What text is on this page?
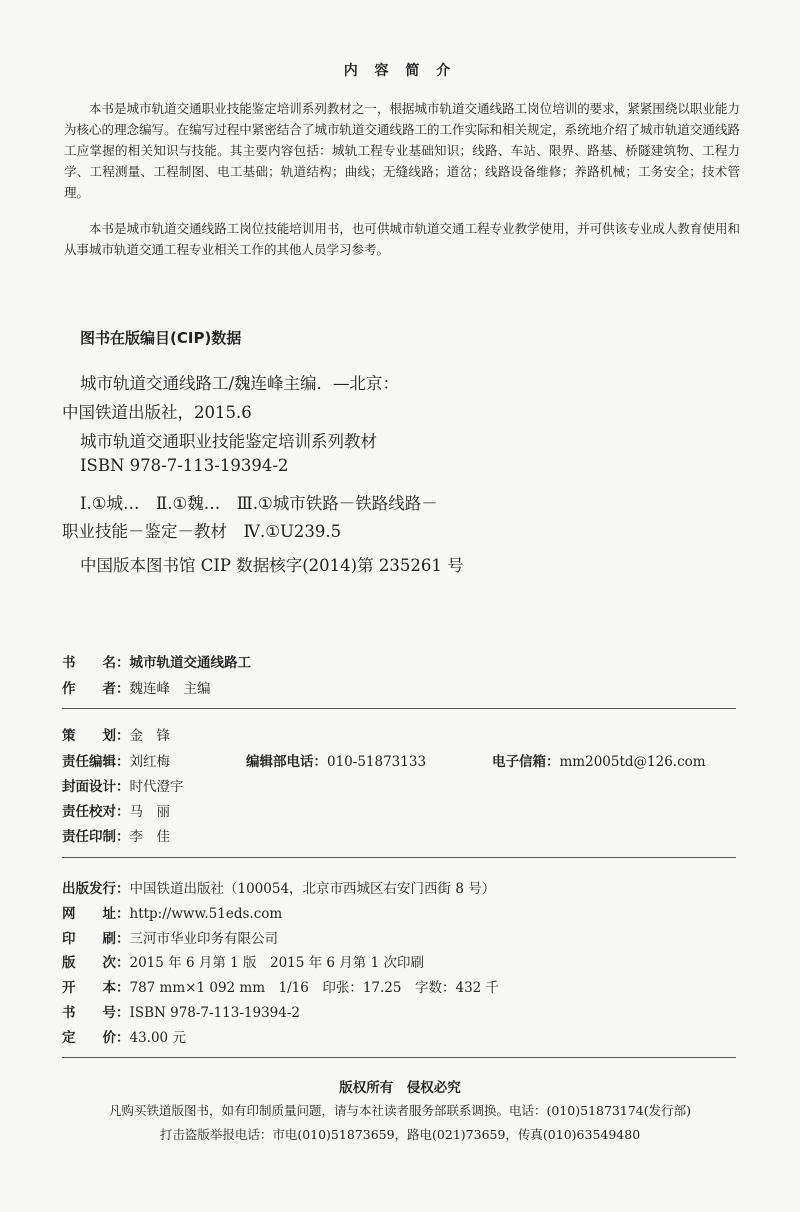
内 容 简 介
本书是城市轨道交通职业技能鉴定培训系列教材之一，根据城市轨道交通线路工岗位培训的要求，紧紧围绕以职业能力为核心的理念编写。在编写过程中紧密结合了城市轨道交通线路工的工作实际和相关规定，系统地介绍了城市轨道交通线路工应掌握的相关知识与技能。其主要内容包括：城轨工程专业基础知识；线路、车站、限界、路基、桥隧建筑物、工程力学、工程测量、工程制图、电工基础；轨道结构；曲线；无缝线路；道岔；线路设备维修；养路机械；工务安全；技术管理。
本书是城市轨道交通线路工岗位技能培训用书，也可供城市轨道交通工程专业教学使用，并可供该专业成人教育使用和从事城市轨道交通工程专业相关工作的其他人员学习参考。
图书在版编目(CIP)数据
城市轨道交通线路工/魏连峰主编．—北京：
中国铁道出版社，2015.6
城市轨道交通职业技能鉴定培训系列教材
ISBN 978-7-113-19394-2
Ⅰ.①城…　Ⅱ.①魏…　Ⅲ.①城市铁路－铁路线路－
职业技能－鉴定－教材　Ⅳ.①U239.5
中国版本图书馆 CIP 数据核字(2014)第 235261 号
书　　名：城市轨道交通线路工
作　　者：魏连峰　主编
策　　划：金　锋
责任编辑：刘红梅	编辑部电话：010-51873133	电子信箱：mm2005td@126.com
封面设计：时代澄宇
责任校对：马　丽
责任印制：李　佳
出版发行：中国铁道出版社（100054，北京市西城区右安门西街 8 号）
网　　址：http://www.51eds.com
印　　刷：三河市华业印务有限公司
版　　次：2015 年 6 月第 1 版　2015 年 6 月第 1 次印刷
开　　本：787 mm×1 092 mm　1/16　印张：17.25　字数：432 千
书　　号：ISBN 978-7-113-19394-2
定　　价：43.00 元
版权所有　侵权必究
凡购买铁道版图书，如有印制质量问题，请与本社读者服务部联系调换。电话：(010)51873174(发行部)
打击盗版举报电话：市电(010)51873659，路电(021)73659，传真(010)63549480
